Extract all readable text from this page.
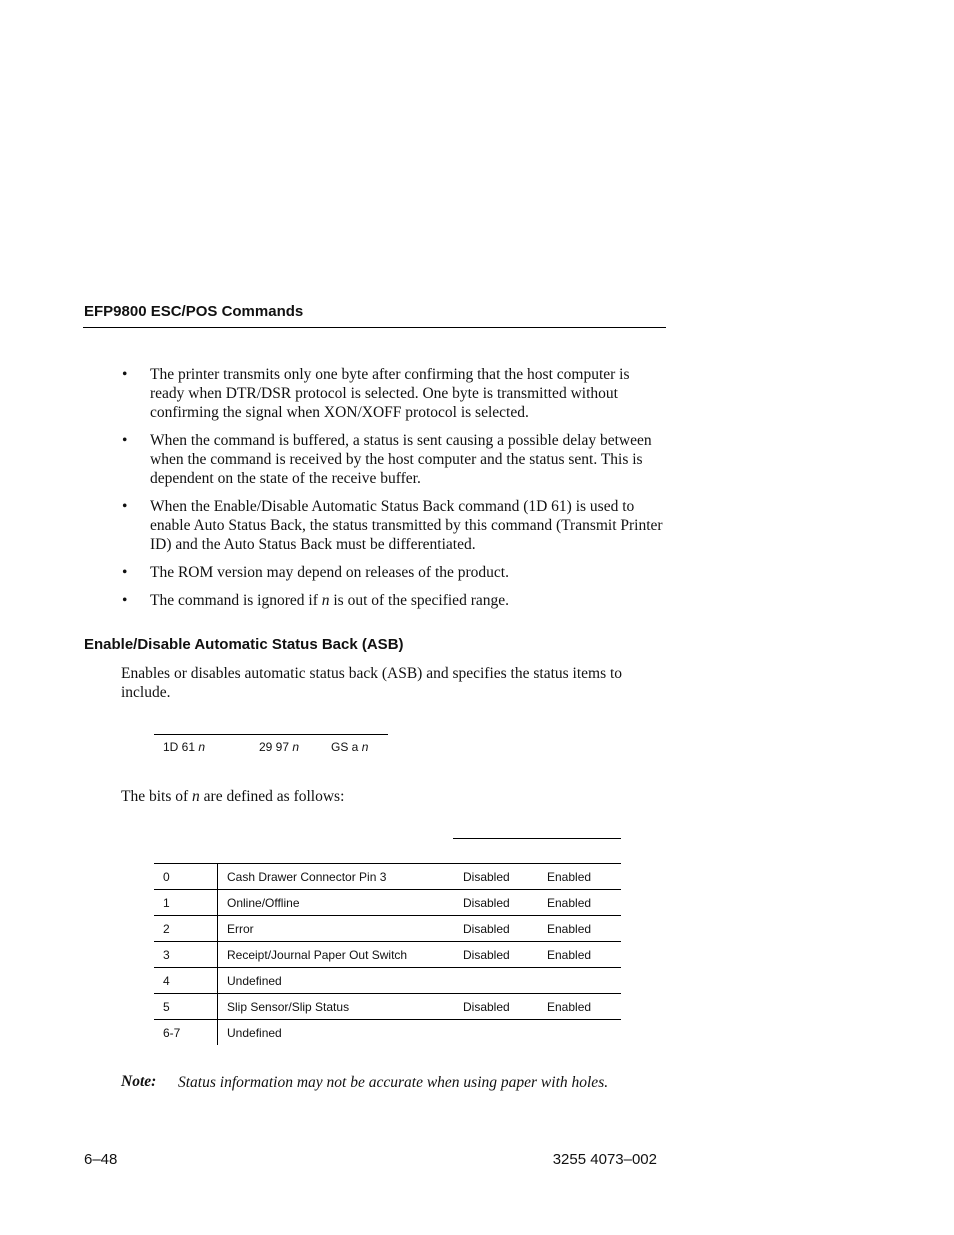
EFP9800 ESC/POS Commands
• The printer transmits only one byte after confirming that the host computer is ready when DTR/DSR protocol is selected. One byte is transmitted without confirming the signal when XON/XOFF protocol is selected.
• When the command is buffered, a status is sent causing a possible delay between when the command is received by the host computer and the status sent. This is dependent on the state of the receive buffer.
• When the Enable/Disable Automatic Status Back command (1D 61) is used to enable Auto Status Back, the status transmitted by this command (Transmit Printer ID) and the Auto Status Back must be differentiated.
• The ROM version may depend on releases of the product.
• The command is ignored if n is out of the specified range.
Enable/Disable Automatic Status Back (ASB)
Enables or disables automatic status back (ASB) and specifies the status items to include.
1D 61 n	29 97 n	GS a n
The bits of n are defined as follows:
0	Cash Drawer Connector Pin 3	Disabled	Enabled
1	Online/Offline	Disabled	Enabled
2	Error	Disabled	Enabled
3	Receipt/Journal Paper Out Switch	Disabled	Enabled
4	Undefined		
5	Slip Sensor/Slip Status	Disabled	Enabled
6-7	Undefined		
Note: Status information may not be accurate when using paper with holes.
6–48	3255 4073–002
